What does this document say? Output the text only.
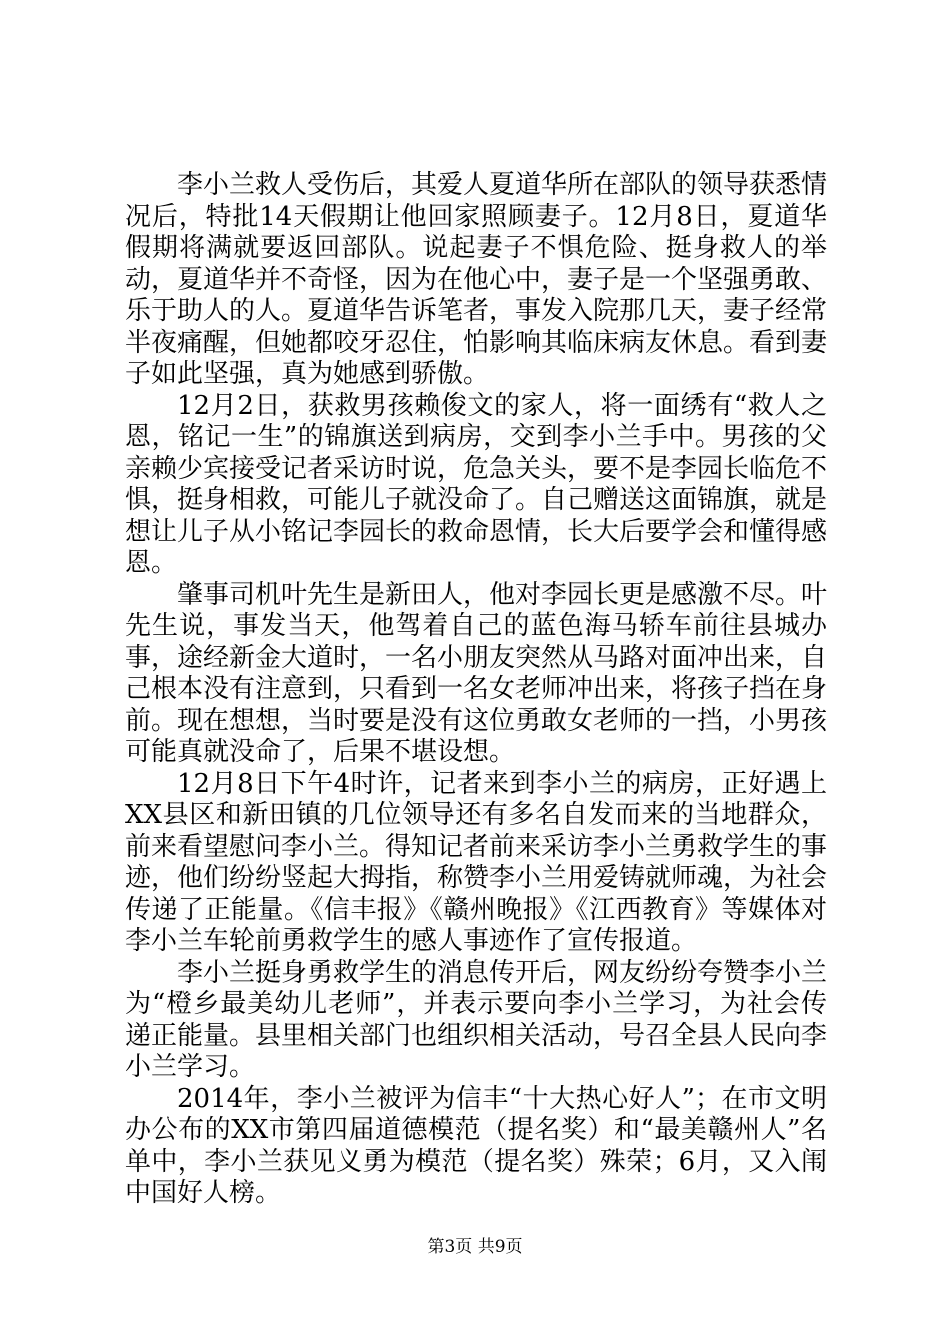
李小兰救人受伤后，其爱人夏道华所在部队的领导获悉情况后，特批14天假期让他回家照顾妻子。12月8日，夏道华假期将满就要返回部队。说起妻子不惧危险、挺身救人的举动，夏道华并不奇怪，因为在他心中，妻子是一个坚强勇敢、乐于助人的人。夏道华告诉笔者，事发入院那几天，妻子经常半夜痛醒，但她都咬牙忍住，怕影响其临床病友休息。看到妻子如此坚强，真为她感到骄傲。

12月2日，获救男孩赖俊文的家人，将一面绣有“救人之恩，铭记一生”的锦旗送到病房，交到李小兰手中。男孩的父亲赖少宾接受记者采访时说，危急关头，要不是李园长临危不惧，挺身相救，可能儿子就没命了。自己赠送这面锦旗，就是想让儿子从小铭记李园长的救命恩情，长大后要学会和懂得感恩。

肇事司机叶先生是新田人，他对李园长更是感激不尽。叶先生说，事发当天，他驾着自己的蓝色海马轿车前往县城办事，途经新金大道时，一名小朋友突然从马路对面冲出来，自己根本没有注意到，只看到一名女老师冲出来，将孩子挡在身前。现在想想，当时要是没有这位勇敢女老师的一挡，小男孩可能真就没命了，后果不堪设想。

12月8日下午4时许，记者来到李小兰的病房，正好遇上XX县区和新田镇的几位领导还有多名自发而来的当地群众，前来看望慰问李小兰。得知记者前来采访李小兰勇救学生的事迹，他们纷纷竖起大拇指，称赞李小兰用爱铸就师魂，为社会传递了正能量。《信丰报》《赣州晚报》《江西教育》等媒体对李小兰车轮前勇救学生的感人事迹作了宣传报道。

李小兰挺身勇救学生的消息传开后，网友纷纷夸赞李小兰为“橙乡最美幼儿老师”，并表示要向李小兰学习，为社会传递正能量。县里相关部门也组织相关活动，号召全县人民向李小兰学习。

2014年，李小兰被评为信丰“十大热心好人”；在市文明办公布的XX市第四届道德模范（提名奖）和“最美赣州人”名单中，李小兰获见义勇为模范（提名奖）殊荣；6月，又入闱中国好人榜。

第3页 共9页
